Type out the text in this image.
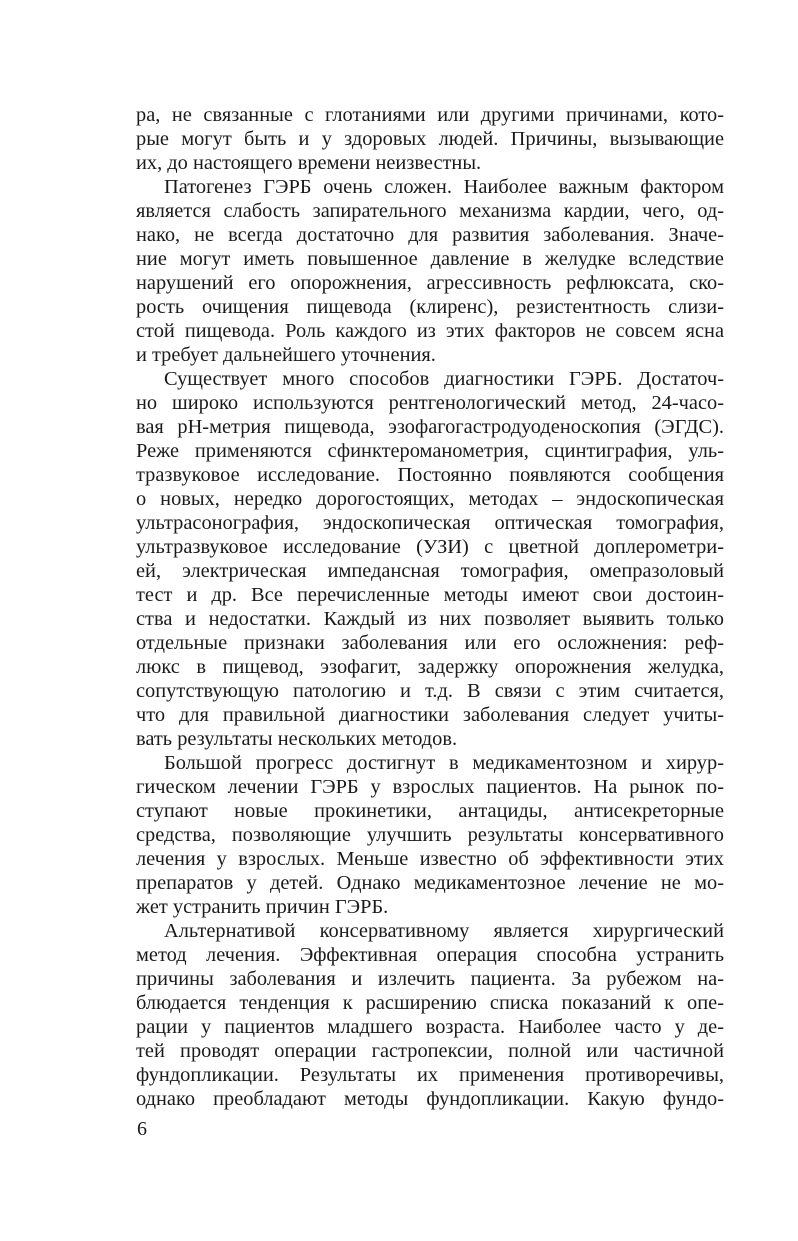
ра, не связанные с глотаниями или другими причинами, кото-
рые могут быть и у здоровых людей. Причины, вызывающие
их, до настоящего времени неизвестны.
Патогенез ГЭРБ очень сложен. Наиболее важным фактором
является слабость запирательного механизма кардии, чего, од-
нако, не всегда достаточно для развития заболевания. Значе-
ние могут иметь повышенное давление в желудке вследствие
нарушений его опорожнения, агрессивность рефлюксата, ско-
рость очищения пищевода (клиренс), резистентность слизи-
стой пищевода. Роль каждого из этих факторов не совсем ясна
и требует дальнейшего уточнения.
Существует много способов диагностики ГЭРБ. Достаточ-
но широко используются рентгенологический метод, 24-часо-
вая рН-метрия пищевода, эзофагогастродуоденоскопия (ЭГДС).
Реже применяются сфинктероманометрия, сцинтиграфия, уль-
тразвуковое исследование. Постоянно появляются сообщения
о новых, нередко дорогостоящих, методах – эндоскопическая
ультрасонография, эндоскопическая оптическая томография,
ультразвуковое исследование (УЗИ) с цветной доплерометри-
ей, электрическая импедансная томография, омепразоловый
тест и др. Все перечисленные методы имеют свои достоин-
ства и недостатки. Каждый из них позволяет выявить только
отдельные признаки заболевания или его осложнения: реф-
люкс в пищевод, эзофагит, задержку опорожнения желудка,
сопутствующую патологию и т.д. В связи с этим считается,
что для правильной диагностики заболевания следует учиты-
вать результаты нескольких методов.
Большой прогресс достигнут в медикаментозном и хирур-
гическом лечении ГЭРБ у взрослых пациентов. На рынок по-
ступают новые прокинетики, антациды, антисекреторные
средства, позволяющие улучшить результаты консервативного
лечения у взрослых. Меньше известно об эффективности этих
препаратов у детей. Однако медикаментозное лечение не мо-
жет устранить причин ГЭРБ.
Альтернативой консервативному является хирургический
метод лечения. Эффективная операция способна устранить
причины заболевания и излечить пациента. За рубежом на-
блюдается тенденция к расширению списка показаний к опе-
рации у пациентов младшего возраста. Наиболее часто у де-
тей проводят операции гастропексии, полной или частичной
фундопликации. Результаты их применения противоречивы,
однако преобладают методы фундопликации. Какую фундо-
6
